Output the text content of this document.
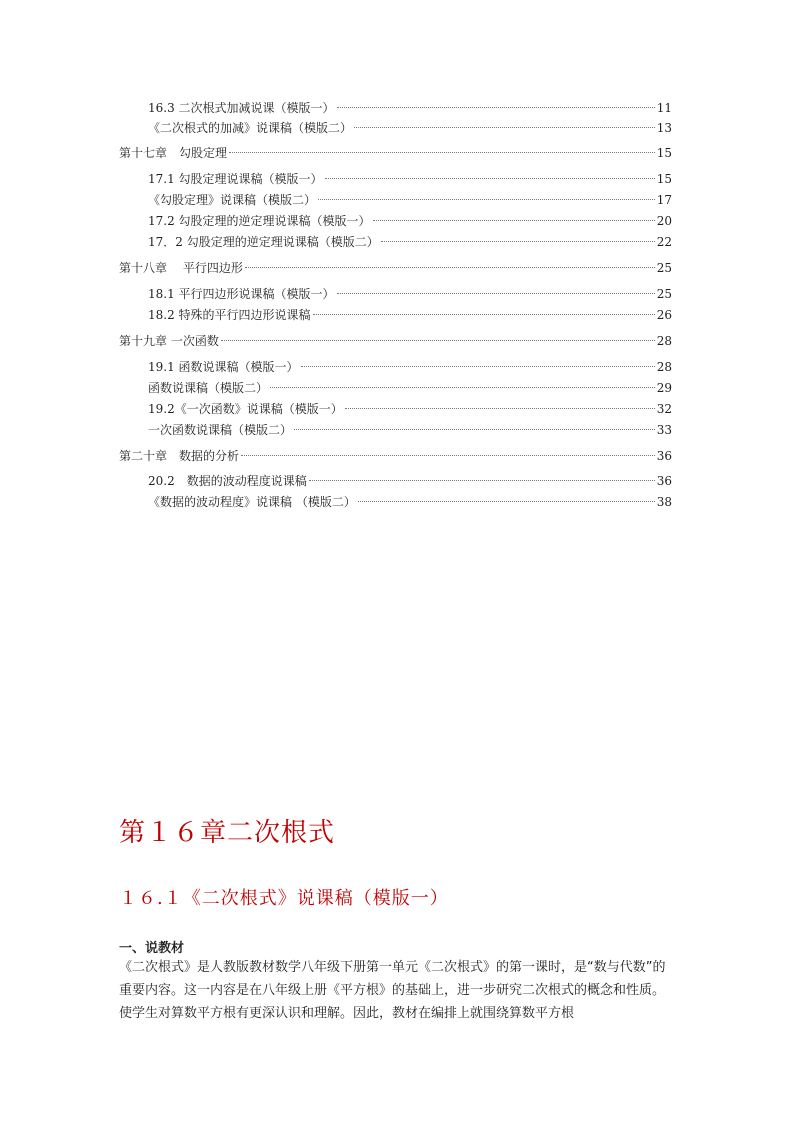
16.3 二次根式加减说课（模版一）	11
《二次根式的加减》说课稿（模版二）	13
第十七章　勾股定理	15
17.1 勾股定理说课稿（模版一）	15
《勾股定理》说课稿（模版二）	17
17.2 勾股定理的逆定理说课稿（模版一）	20
17．2 勾股定理的逆定理说课稿（模版二）	22
第十八章　 平行四边形	25
18.1 平行四边形说课稿（模版一）	25
18.2 特殊的平行四边形说课稿	26
第十九章 一次函数	28
19.1 函数说课稿（模版一）	28
函数说课稿（模版二）	29
19.2《一次函数》说课稿（模版一）	32
一次函数说课稿（模版二）	33
第二十章　数据的分析	36
20.2　数据的波动程度说课稿	36
《数据的波动程度》说课稿 （模版二）	38
第１６章二次根式
１６.１《二次根式》说课稿（模版一）
一、说教材
《二次根式》是人教版教材数学八年级下册第一单元《二次根式》的第一课时，是“数与代数”的重要内容。这一内容是在八年级上册《平方根》的基础上，进一步研究二次根式的概念和性质。使学生对算数平方根有更深认识和理解。因此，教材在编排上就围绕算数平方根
